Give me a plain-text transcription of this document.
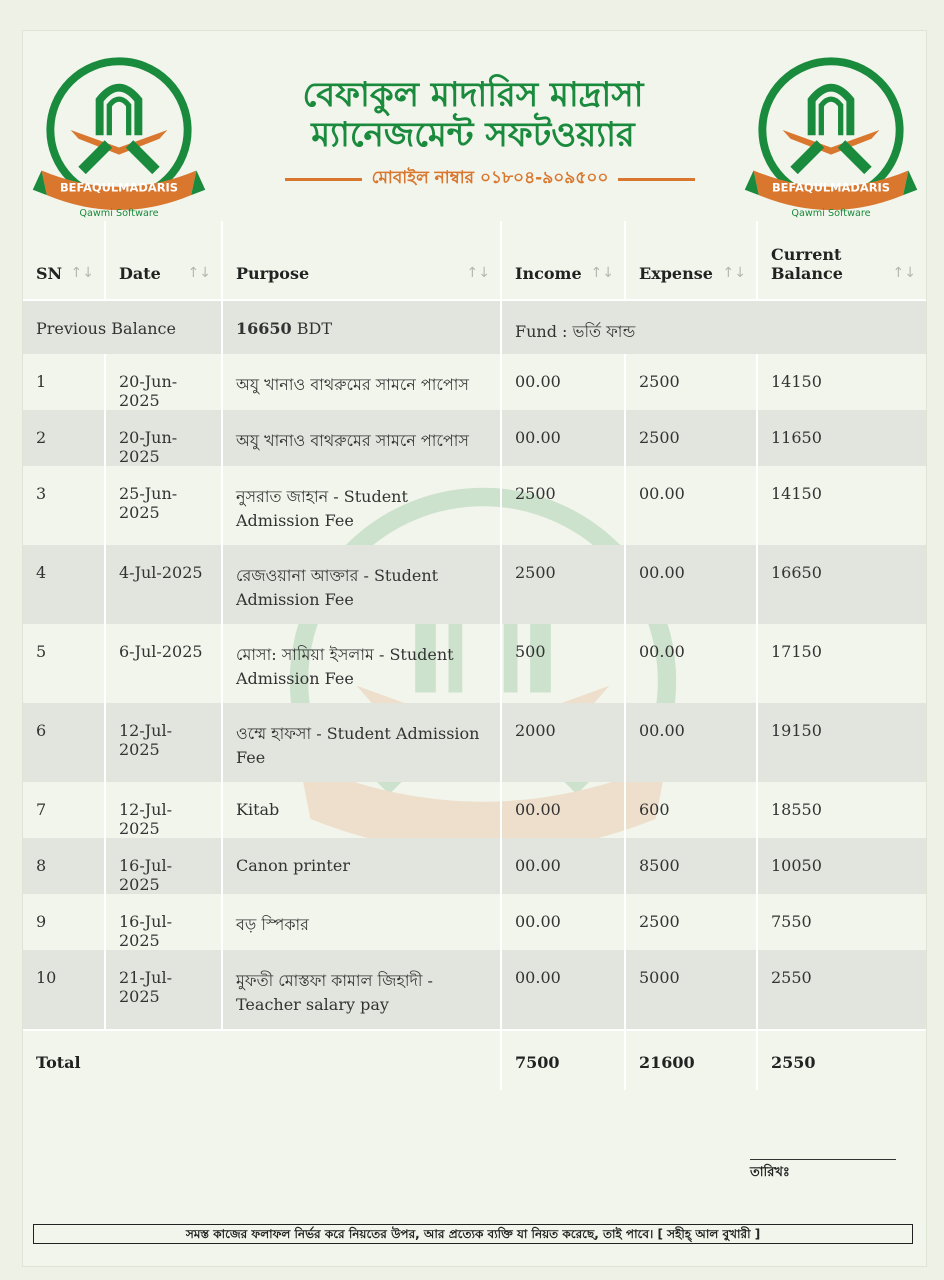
BEFAQULMADARIS
Qawmi Software
বেফাকুল মাদারিস মাদ্রাসা
ম্যানেজমেন্ট সফটওয়্যার
মোবাইল নাম্বার ০১৮০৪-৯০৯৫০০	BEFAQULMADARIS
Qawmi Software
SN ↑↓	Date ↑↓	Purpose ↑↓	Income ↑↓	Expense ↑↓	Current Balance ↑↓

Previous Balance		16650 BDT	Fund : ভর্তি ফান্ড		
1	20-Jun-2025	অযু খানাও বাথরুমের সামনে পাপোস	00.00	2500	14150
2	20-Jun-2025	অযু খানাও বাথরুমের সামনে পাপোস	00.00	2500	11650
3	25-Jun-2025	নুসরাত জাহান - Student Admission Fee	2500	00.00	14150
4	4-Jul-2025	রেজওয়ানা আক্তার - Student Admission Fee	2500	00.00	16650
5	6-Jul-2025	মোসা: সামিয়া ইসলাম - Student Admission Fee	500	00.00	17150
6	12-Jul-2025	ওম্মে হাফসা - Student Admission Fee	2000	00.00	19150
7	12-Jul-2025	Kitab	00.00	600	18550
8	16-Jul-2025	Canon printer	00.00	8500	10050
9	16-Jul-2025	বড় স্পিকার	00.00	2500	7550
10	21-Jul-2025	মুফতী মোস্তফা কামাল জিহাদী - Teacher salary pay	00.00	5000	2550
Total			7500	21600	2550
তারিখঃ
সমস্ত কাজের ফলাফল নির্ভর করে নিয়তের উপর, আর প্রত্যেক ব্যক্তি যা নিয়ত করেছে, তাই পাবে। [ সহীহ্ আল বুখারী ]
